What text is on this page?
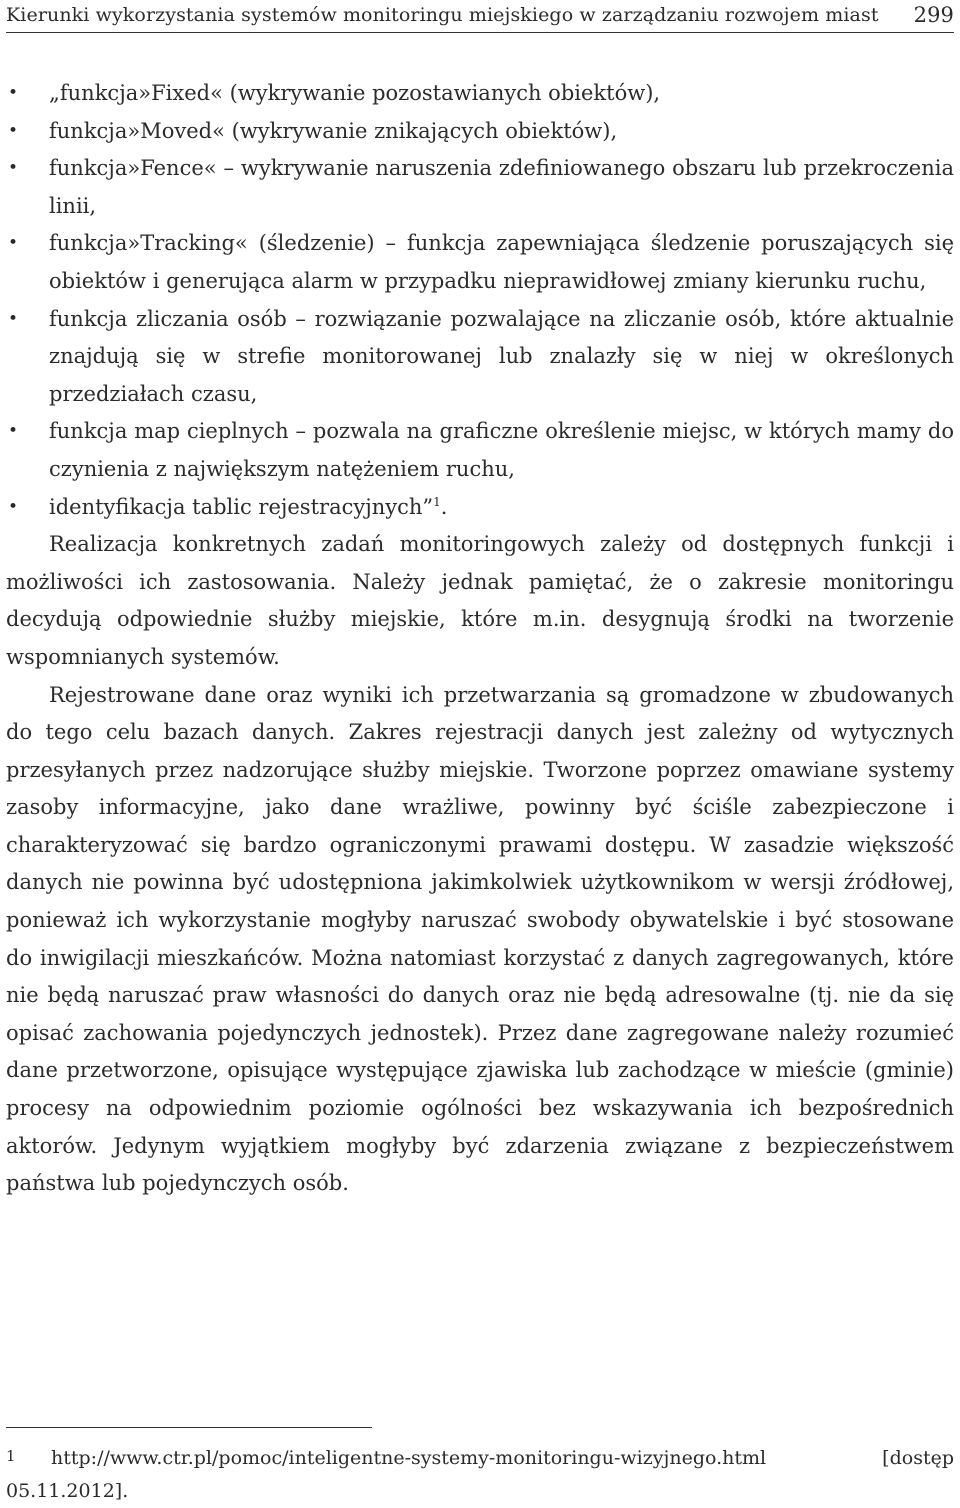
Kierunki wykorzystania systemów monitoringu miejskiego w zarządzaniu rozwojem miast 299
• „funkcja»Fixed« (wykrywanie pozostawianych obiektów),
• funkcja»Moved« (wykrywanie znikających obiektów),
• funkcja»Fence« – wykrywanie naruszenia zdefiniowanego obszaru lub przekroczenia linii,
• funkcja»Tracking« (śledzenie) – funkcja zapewniająca śledzenie poruszających się obiektów i generująca alarm w przypadku nieprawidłowej zmiany kierunku ruchu,
• funkcja zliczania osób – rozwiązanie pozwalające na zliczanie osób, które aktualnie znajdują się w strefie monitorowanej lub znalazły się w niej w określonych przedziałach czasu,
• funkcja map cieplnych – pozwala na graficzne określenie miejsc, w których mamy do czynienia z największym natężeniem ruchu,
• identyfikacja tablic rejestracyjnych”$^1$.

Realizacja konkretnych zadań monitoringowych zależy od dostępnych funkcji i możliwości ich zastosowania. Należy jednak pamiętać, że o zakresie monitoringu decydują odpowiednie służby miejskie, które m.in. desygnują środki na tworzenie wspomnianych systemów.

Rejestrowane dane oraz wyniki ich przetwarzania są gromadzone w zbudowanych do tego celu bazach danych. Zakres rejestracji danych jest zależny od wytycznych przesyłanych przez nadzorujące służby miejskie. Tworzone poprzez omawiane systemy zasoby informacyjne, jako dane wrażliwe, powinny być ściśle zabezpieczone i charakteryzować się bardzo ograniczonymi prawami dostępu. W zasadzie większość danych nie powinna być udostępniona jakimkolwiek użytkownikom w wersji źródłowej, ponieważ ich wykorzystanie mogłyby naruszać swobody obywatelskie i być stosowane do inwigilacji mieszkańców. Można natomiast korzystać z danych zagregowanych, które nie będą naruszać praw własności do danych oraz nie będą adresowalne (tj. nie da się opisać zachowania pojedynczych jednostek). Przez dane zagregowane należy rozumieć dane przetworzone, opisujące występujące zjawiska lub zachodzące w mieście (gminie) procesy na odpowiednim poziomie ogólności bez wskazywania ich bezpośrednich aktorów. Jedynym wyjątkiem mogłyby być zdarzenia związane z bezpieczeństwem państwa lub pojedynczych osób.

1 http://www.ctr.pl/pomoc/inteligentne-systemy-monitoringu-wizyjnego.html [dostęp 05.11.2012].
